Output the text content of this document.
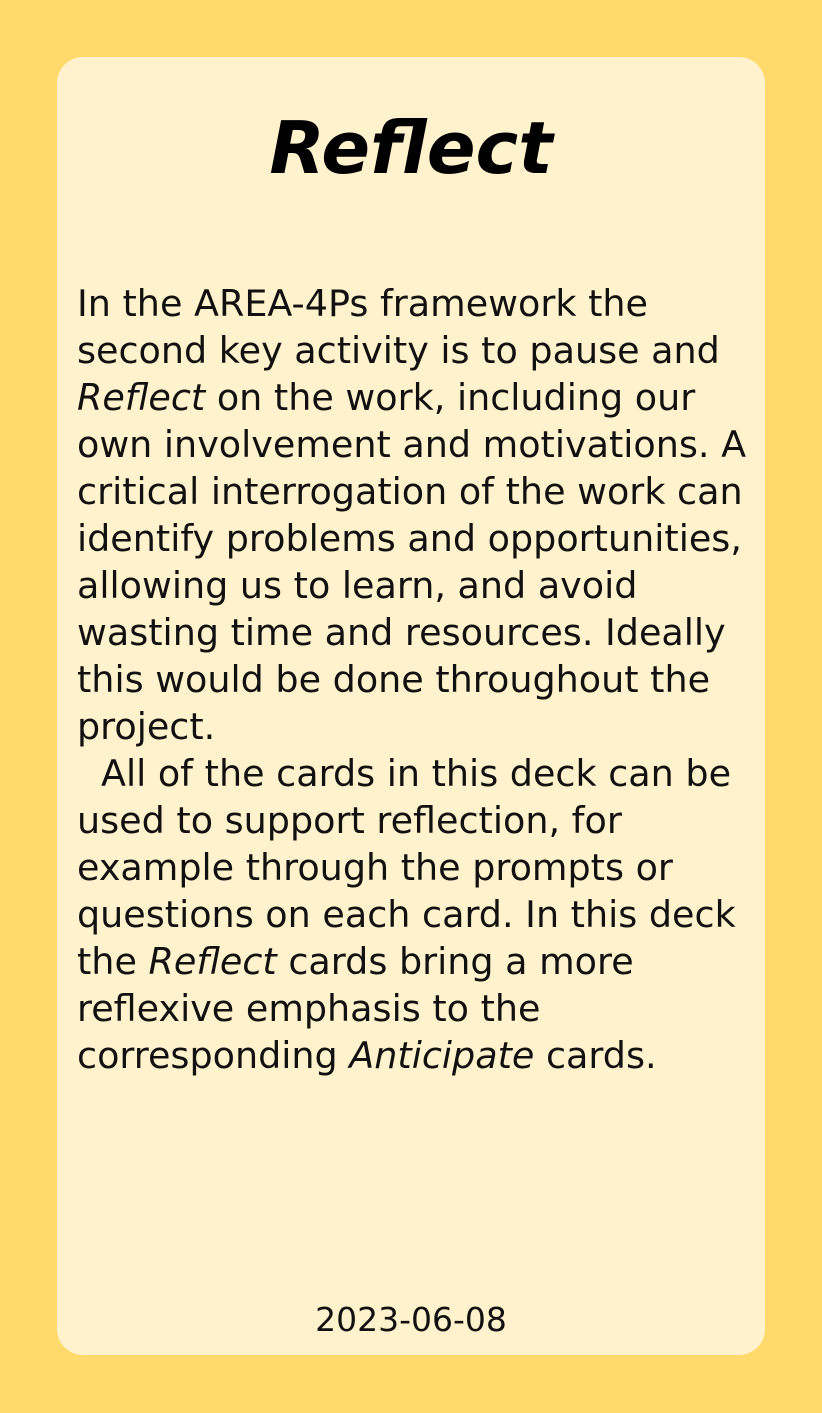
Reflect

In the AREA-4Ps framework the second key activity is to pause and Reflect on the work, including our own involvement and motivations. A critical interrogation of the work can identify problems and opportunities, allowing us to learn, and avoid wasting time and resources. Ideally this would be done throughout the project.

All of the cards in this deck can be used to support reflection, for example through the prompts or questions on each card. In this deck the Reflect cards bring a more reflexive emphasis to the corresponding Anticipate cards.

2023-06-08
